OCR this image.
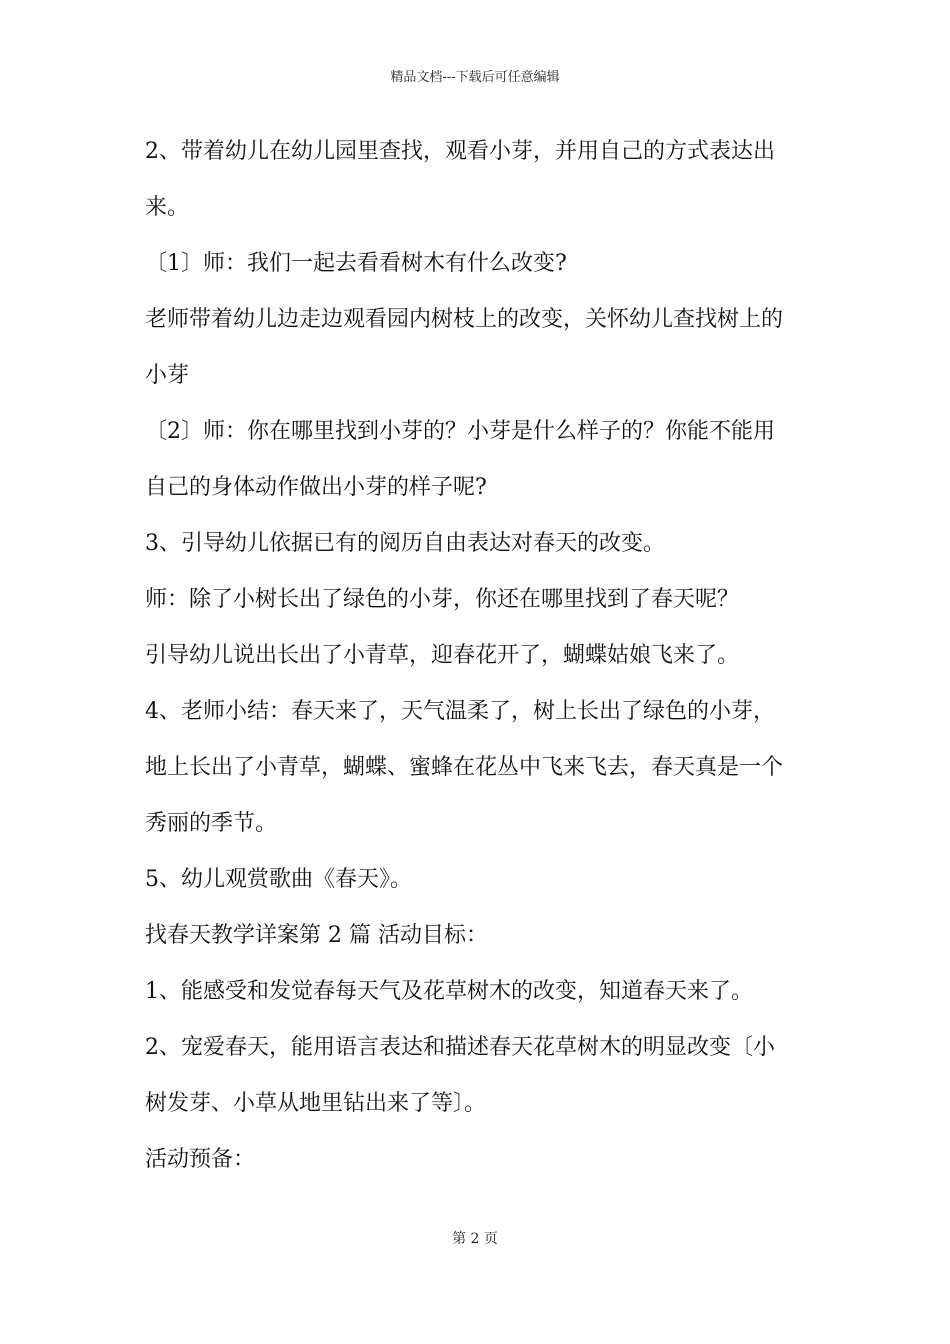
精品文档---下载后可任意编辑

2、带着幼儿在幼儿园里查找，观看小芽，并用自己的方式表达出

来。

〔1〕师：我们一起去看看树木有什么改变?

老师带着幼儿边走边观看园内树枝上的改变，关怀幼儿查找树上的

小芽

〔2〕师：你在哪里找到小芽的？小芽是什么样子的？你能不能用

自己的身体动作做出小芽的样子呢?

3、引导幼儿依据已有的阅历自由表达对春天的改变。

师：除了小树长出了绿色的小芽，你还在哪里找到了春天呢？

引导幼儿说出长出了小青草，迎春花开了，蝴蝶姑娘飞来了。

4、老师小结：春天来了，天气温柔了，树上长出了绿色的小芽，

地上长出了小青草，蝴蝶、蜜蜂在花丛中飞来飞去，春天真是一个

秀丽的季节。

5、幼儿观赏歌曲《春天》。

找春天教学详案第 2 篇 活动目标：

1、能感受和发觉春每天气及花草树木的改变，知道春天来了。

2、宠爱春天，能用语言表达和描述春天花草树木的明显改变〔小

树发芽、小草从地里钻出来了等〕。

活动预备：

第 2 页
